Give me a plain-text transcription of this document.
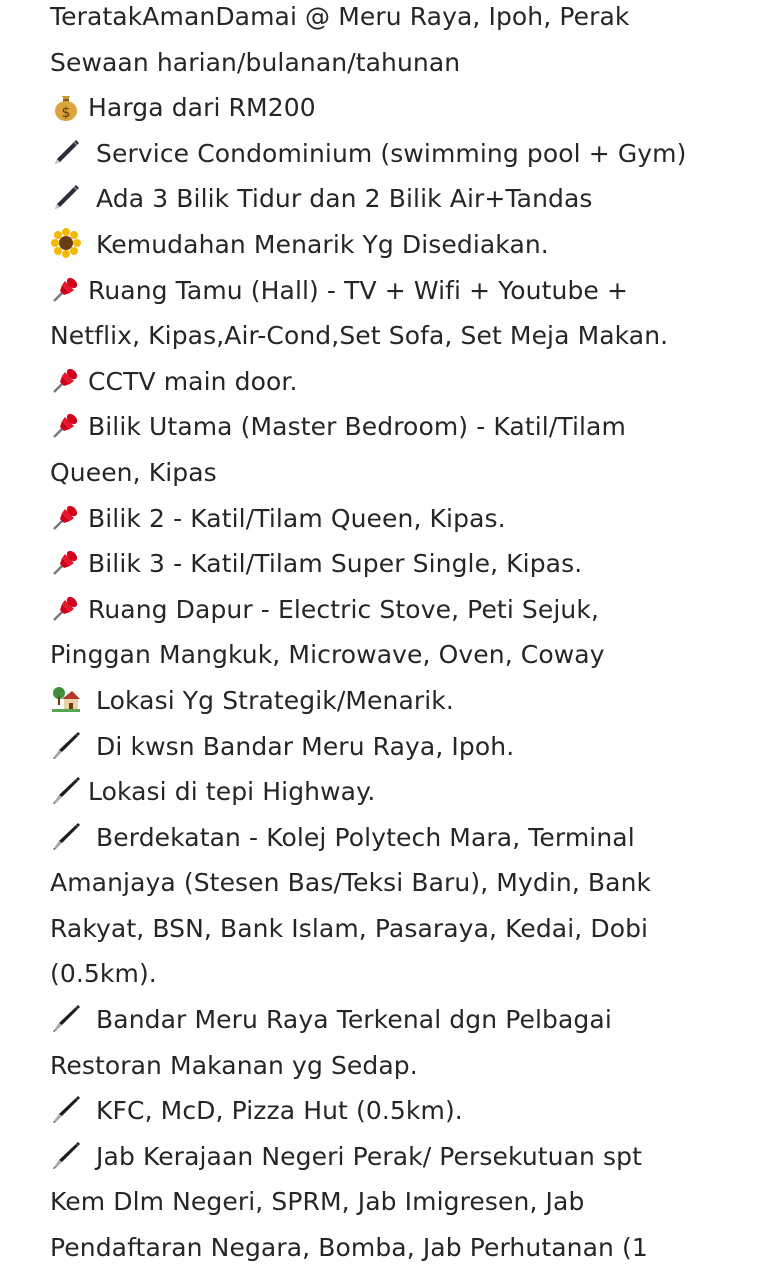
TeratakAmanDamai @ Meru Raya, Ipoh, Perak
Sewaan harian/bulanan/tahunan
$ Harga dari RM200
Service Condominium (swimming pool + Gym)
Ada 3 Bilik Tidur dan 2 Bilik Air+Tandas
Kemudahan Menarik Yg Disediakan.
Ruang Tamu (Hall) - TV + Wifi + Youtube +
Netflix, Kipas,Air-Cond,Set Sofa, Set Meja Makan.
CCTV main door.
Bilik Utama (Master Bedroom) - Katil/Tilam
Queen, Kipas
Bilik 2 - Katil/Tilam Queen, Kipas.
Bilik 3 - Katil/Tilam Super Single, Kipas.
Ruang Dapur - Electric Stove, Peti Sejuk,
Pinggan Mangkuk, Microwave, Oven, Coway
Lokasi Yg Strategik/Menarik.
Di kwsn Bandar Meru Raya, Ipoh.
Lokasi di tepi Highway.
Berdekatan - Kolej Polytech Mara, Terminal
Amanjaya (Stesen Bas/Teksi Baru), Mydin, Bank
Rakyat, BSN, Bank Islam, Pasaraya, Kedai, Dobi
(0.5km).
Bandar Meru Raya Terkenal dgn Pelbagai
Restoran Makanan yg Sedap.
KFC, McD, Pizza Hut (0.5km).
Jab Kerajaan Negeri Perak/ Persekutuan spt
Kem Dlm Negeri, SPRM, Jab Imigresen, Jab
Pendaftaran Negara, Bomba, Jab Perhutanan (1
